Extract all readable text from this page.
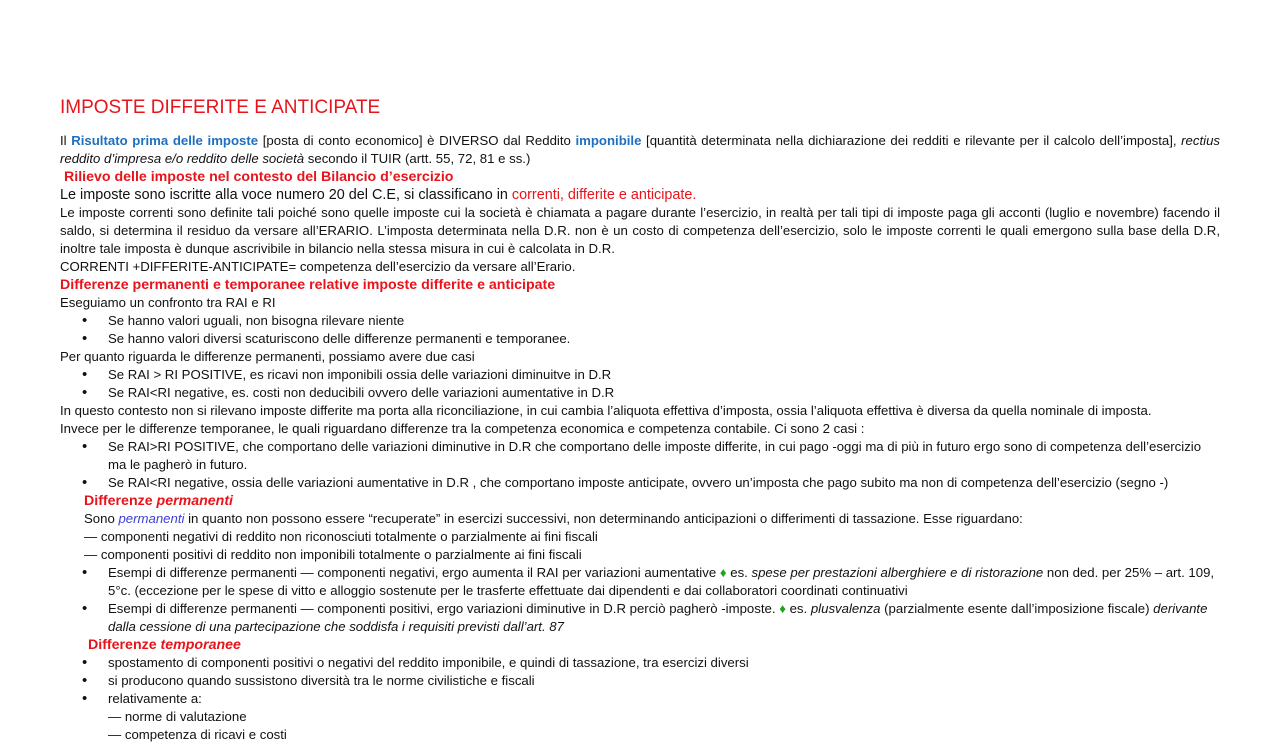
IMPOSTE DIFFERITE E ANTICIPATE

Il Risultato prima delle imposte [posta di conto economico] è DIVERSO dal Reddito imponibile [quantità determinata nella dichiarazione dei redditi e rilevante per il calcolo dell’imposta], rectius reddito d’impresa e/o reddito delle società secondo il TUIR (artt. 55, 72, 81 e ss.)

Rilievo delle imposte nel contesto del Bilancio d’esercizio

Le imposte sono iscritte alla voce numero 20 del C.E, si classificano in correnti, differite e anticipate.

Le imposte correnti sono definite tali poiché sono quelle imposte cui la società è chiamata a pagare durante l’esercizio, in realtà per tali tipi di imposte paga gli acconti (luglio e novembre) facendo il saldo, si determina il residuo da versare all’ERARIO. L’imposta determinata nella D.R. non è un costo di competenza dell’esercizio, solo le imposte correnti le quali emergono sulla base della D.R, inoltre tale imposta è dunque ascrivibile in bilancio nella stessa misura in cui è calcolata in D.R.

CORRENTI +DIFFERITE-ANTICIPATE= competenza dell’esercizio da versare all’Erario.

Differenze permanenti e temporanee relative imposte differite e anticipate

Eseguiamo un confronto tra RAI e RI

• Se hanno valori uguali, non bisogna rilevare niente
• Se hanno valori diversi scaturiscono delle differenze permanenti e temporanee.

Per quanto riguarda le differenze permanenti, possiamo avere due casi

• Se RAI > RI POSITIVE, es ricavi non imponibili ossia delle variazioni diminuitve in D.R
• Se RAI<RI negative, es. costi non deducibili ovvero delle variazioni aumentative in D.R

In questo contesto non si rilevano imposte differite ma porta alla riconciliazione, in cui cambia l’aliquota effettiva d’imposta, ossia l’aliquota effettiva è diversa da quella nominale di imposta.

Invece per le differenze temporanee, le quali riguardano differenze tra la competenza economica e competenza contabile. Ci sono 2 casi :

• Se RAI>RI POSITIVE, che comportano delle variazioni diminutive in D.R che comportano delle imposte differite, in cui pago -oggi ma di più in futuro ergo sono di competenza dell’esercizio ma le pagherò in futuro.
• Se RAI<RI negative, ossia delle variazioni aumentative in D.R , che comportano imposte anticipate, ovvero un’imposta che pago subito ma non di competenza dell’esercizio (segno -)

Differenze permanenti

Sono permanenti in quanto non possono essere “recuperate” in esercizi successivi, non determinando anticipazioni o differimenti di tassazione. Esse riguardano:

— componenti negativi di reddito non riconosciuti totalmente o parzialmente ai fini fiscali

— componenti positivi di reddito non imponibili totalmente o parzialmente ai fini fiscali

• Esempi di differenze permanenti — componenti negativi, ergo aumenta il RAI per variazioni aumentative ♦ es. spese per prestazioni alberghiere e di ristorazione non ded. per 25% – art. 109, 5°c. (eccezione per le spese di vitto e alloggio sostenute per le trasferte effettuate dai dipendenti e dai collaboratori coordinati continuativi
• Esempi di differenze permanenti — componenti positivi, ergo variazioni diminutive in D.R perciò pagherò -imposte. ♦ es. plusvalenza (parzialmente esente dall’imposizione fiscale) derivante dalla cessione di una partecipazione che soddisfa i requisiti previsti dall’art. 87

Differenze temporanee

• spostamento di componenti positivi o negativi del reddito imponibile, e quindi di tassazione, tra esercizi diversi
• si producono quando sussistono diversità tra le norme civilistiche e fiscali
• relativamente a:

— norme di valutazione

— competenza di ricavi e costi
